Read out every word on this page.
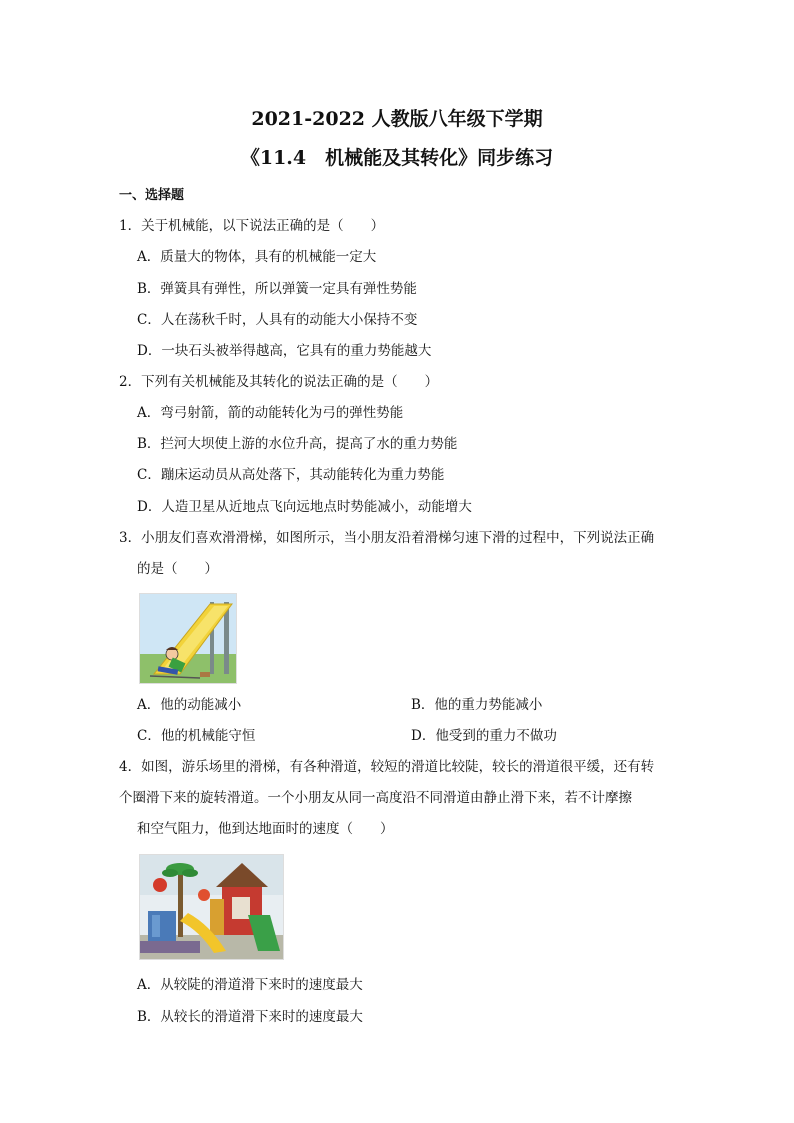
2021-2022 人教版八年级下学期
《11.4　机械能及其转化》同步练习
一、选择题
1．关于机械能，以下说法正确的是（　　）
A．质量大的物体，具有的机械能一定大
B．弹簧具有弹性，所以弹簧一定具有弹性势能
C．人在荡秋千时，人具有的动能大小保持不变
D．一块石头被举得越高，它具有的重力势能越大
2．下列有关机械能及其转化的说法正确的是（　　）
A．弯弓射箭，箭的动能转化为弓的弹性势能
B．拦河大坝使上游的水位升高，提高了水的重力势能
C．蹦床运动员从高处落下，其动能转化为重力势能
D．人造卫星从近地点飞向远地点时势能减小，动能增大
3．小朋友们喜欢滑滑梯，如图所示，当小朋友沿着滑梯匀速下滑的过程中，下列说法正确
的是（　　）
A．他的动能减小	B．他的重力势能减小
C．他的机械能守恒	D．他受到的重力不做功
4．如图，游乐场里的滑梯，有各种滑道，较短的滑道比较陡，较长的滑道很平缓，还有转
个圈滑下来的旋转滑道。一个小朋友从同一高度沿不同滑道由静止滑下来，若不计摩擦
和空气阻力，他到达地面时的速度（　　）
A．从较陡的滑道滑下来时的速度最大
B．从较长的滑道滑下来时的速度最大
